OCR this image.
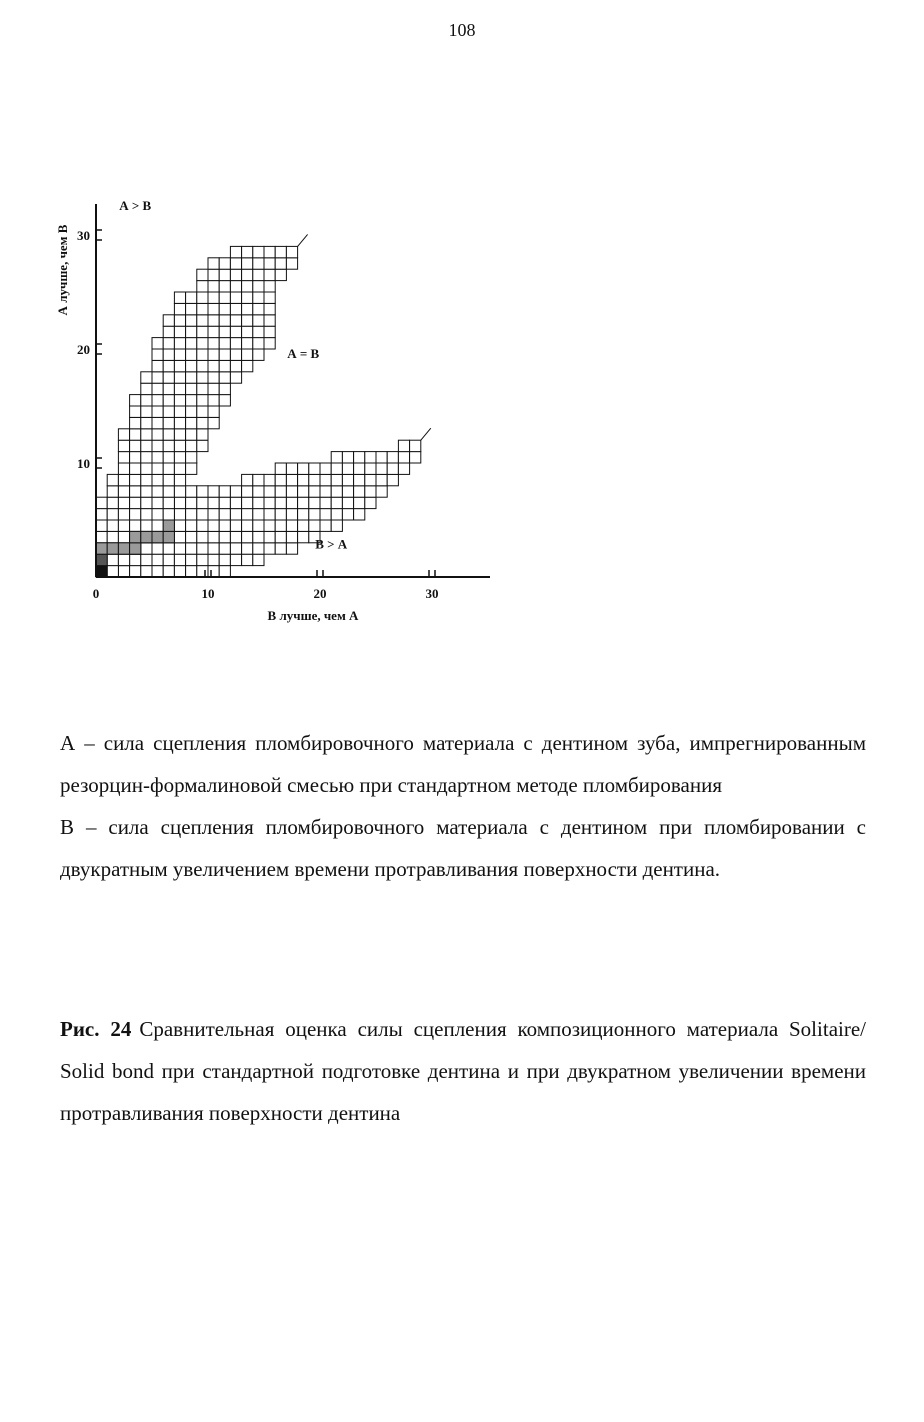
108
0	10	20	30
10
20
30
В лучше, чем А
А лучше, чем В
А > В
А = В
В > А

А – сила сцепления пломбировочного материала с дентином зуба, импрегнированным резорцин-формалиновой смесью при стандартном методе пломбирования

В – сила сцепления пломбировочного материала с дентином при пломбировании с двукратным увеличением времени протравливания поверхности дентина.

Рис. 24 Сравнительная оценка силы сцепления композиционного материала Solitaire/ Solid bond при стандартной подготовке дентина и при двукратном увеличении времени протравливания поверхности дентина
